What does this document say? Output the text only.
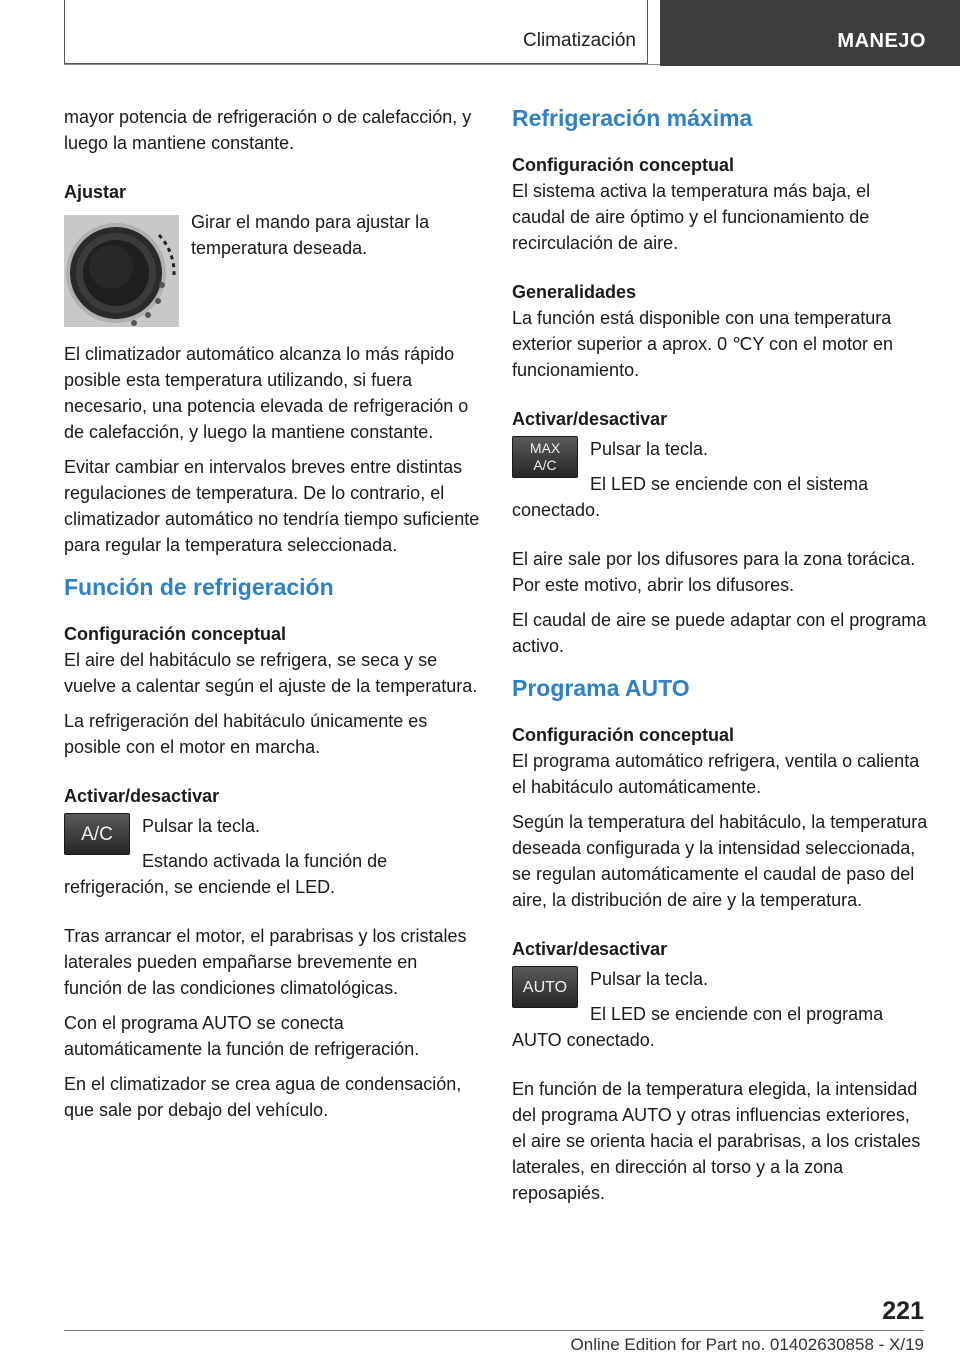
Climatización	MANEJO

mayor potencia de refrigeración o de calefacción, y luego la mantiene constante.

Ajustar

Girar el mando para ajustar la temperatura deseada.

El climatizador automático alcanza lo más rápido posible esta temperatura utilizando, si fuera necesario, una potencia elevada de refrigeración o de calefacción, y luego la mantiene constante.

Evitar cambiar en intervalos breves entre distintas regulaciones de temperatura. De lo contrario, el climatizador automático no tendría tiempo suficiente para regular la temperatura seleccionada.

Función de refrigeración
Configuración conceptual

El aire del habitáculo se refrigera, se seca y se vuelve a calentar según el ajuste de la temperatura.

La refrigeración del habitáculo únicamente es posible con el motor en marcha.

Activar/desactivar
A/C	Pulsar la tecla.

Estando activada la función de refrigeración, se enciende el LED.

Tras arrancar el motor, el parabrisas y los cristales laterales pueden empañarse brevemente en función de las condiciones climatológicas.

Con el programa AUTO se conecta automáticamente la función de refrigeración.

En el climatizador se crea agua de condensación, que sale por debajo del vehículo.

Refrigeración máxima
Configuración conceptual

El sistema activa la temperatura más baja, el caudal de aire óptimo y el funcionamiento de recirculación de aire.

Generalidades

La función está disponible con una temperatura exterior superior a aprox. 0 ℃Y con el motor en funcionamiento.

Activar/desactivar
MAX
A/C

Pulsar la tecla.

El LED se enciende con el sistema conectado.

El aire sale por los difusores para la zona torácica. Por este motivo, abrir los difusores.

El caudal de aire se puede adaptar con el programa activo.

Programa AUTO
Configuración conceptual

El programa automático refrigera, ventila o calienta el habitáculo automáticamente.

Según la temperatura del habitáculo, la temperatura deseada configurada y la intensidad seleccionada, se regulan automáticamente el caudal de paso del aire, la distribución de aire y la temperatura.

Activar/desactivar
AUTO	Pulsar la tecla.

El LED se enciende con el programa AUTO conectado.

En función de la temperatura elegida, la intensidad del programa AUTO y otras influencias exteriores, el aire se orienta hacia el parabrisas, a los cristales laterales, en dirección al torso y a la zona reposapiés.

221
Online Edition for Part no. 01402630858 - X/19
